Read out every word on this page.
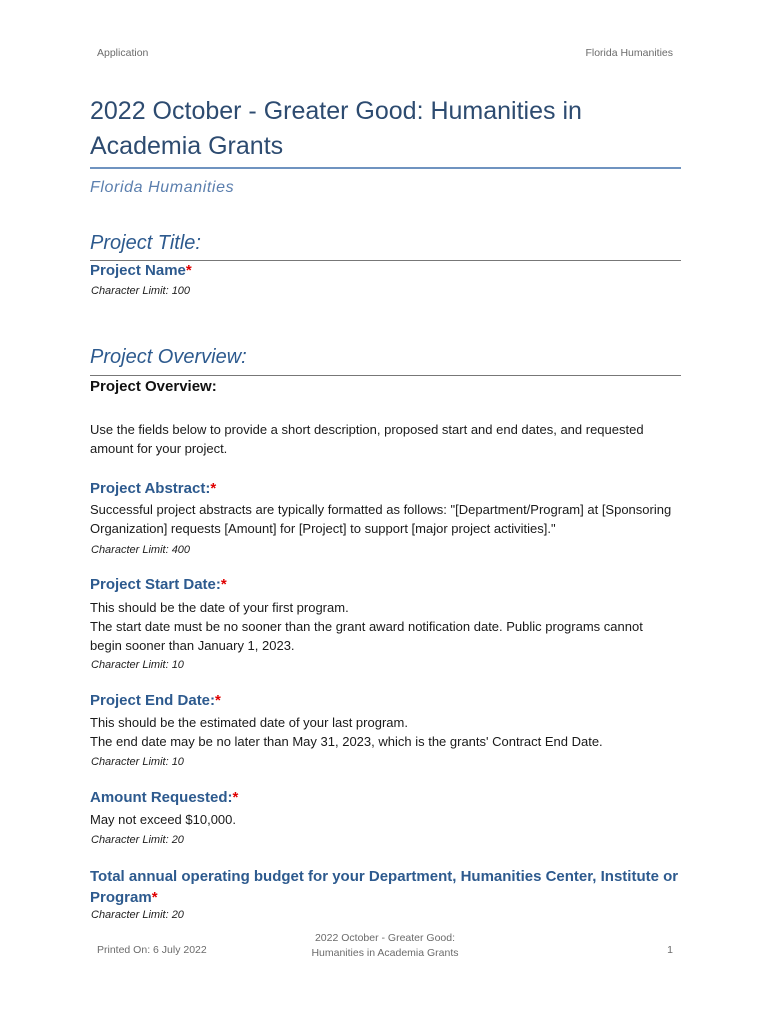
Application	Florida Humanities
2022 October - Greater Good: Humanities in Academia Grants
Florida Humanities
Project Title:
Project Name*
Character Limit: 100
Project Overview:
Project Overview:

Use the fields below to provide a short description, proposed start and end dates, and requested amount for your project.

Project Abstract:*

Successful project abstracts are typically formatted as follows: "[Department/Program] at [Sponsoring Organization] requests [Amount] for [Project] to support [major project activities]."

Character Limit: 400
Project Start Date:*

This should be the date of your first program.

The start date must be no sooner than the grant award notification date. Public programs cannot begin sooner than January 1, 2023.

Character Limit: 10
Project End Date:*

This should be the estimated date of your last program.

The end date may be no later than May 31, 2023, which is the grants' Contract End Date.

Character Limit: 10
Amount Requested:*

May not exceed $10,000.

Character Limit: 20
Total annual operating budget for your Department, Humanities Center, Institute or Program*
Character Limit: 20
Printed On: 6 July 2022
2022 October - Greater Good:
Humanities in Academia Grants	1
